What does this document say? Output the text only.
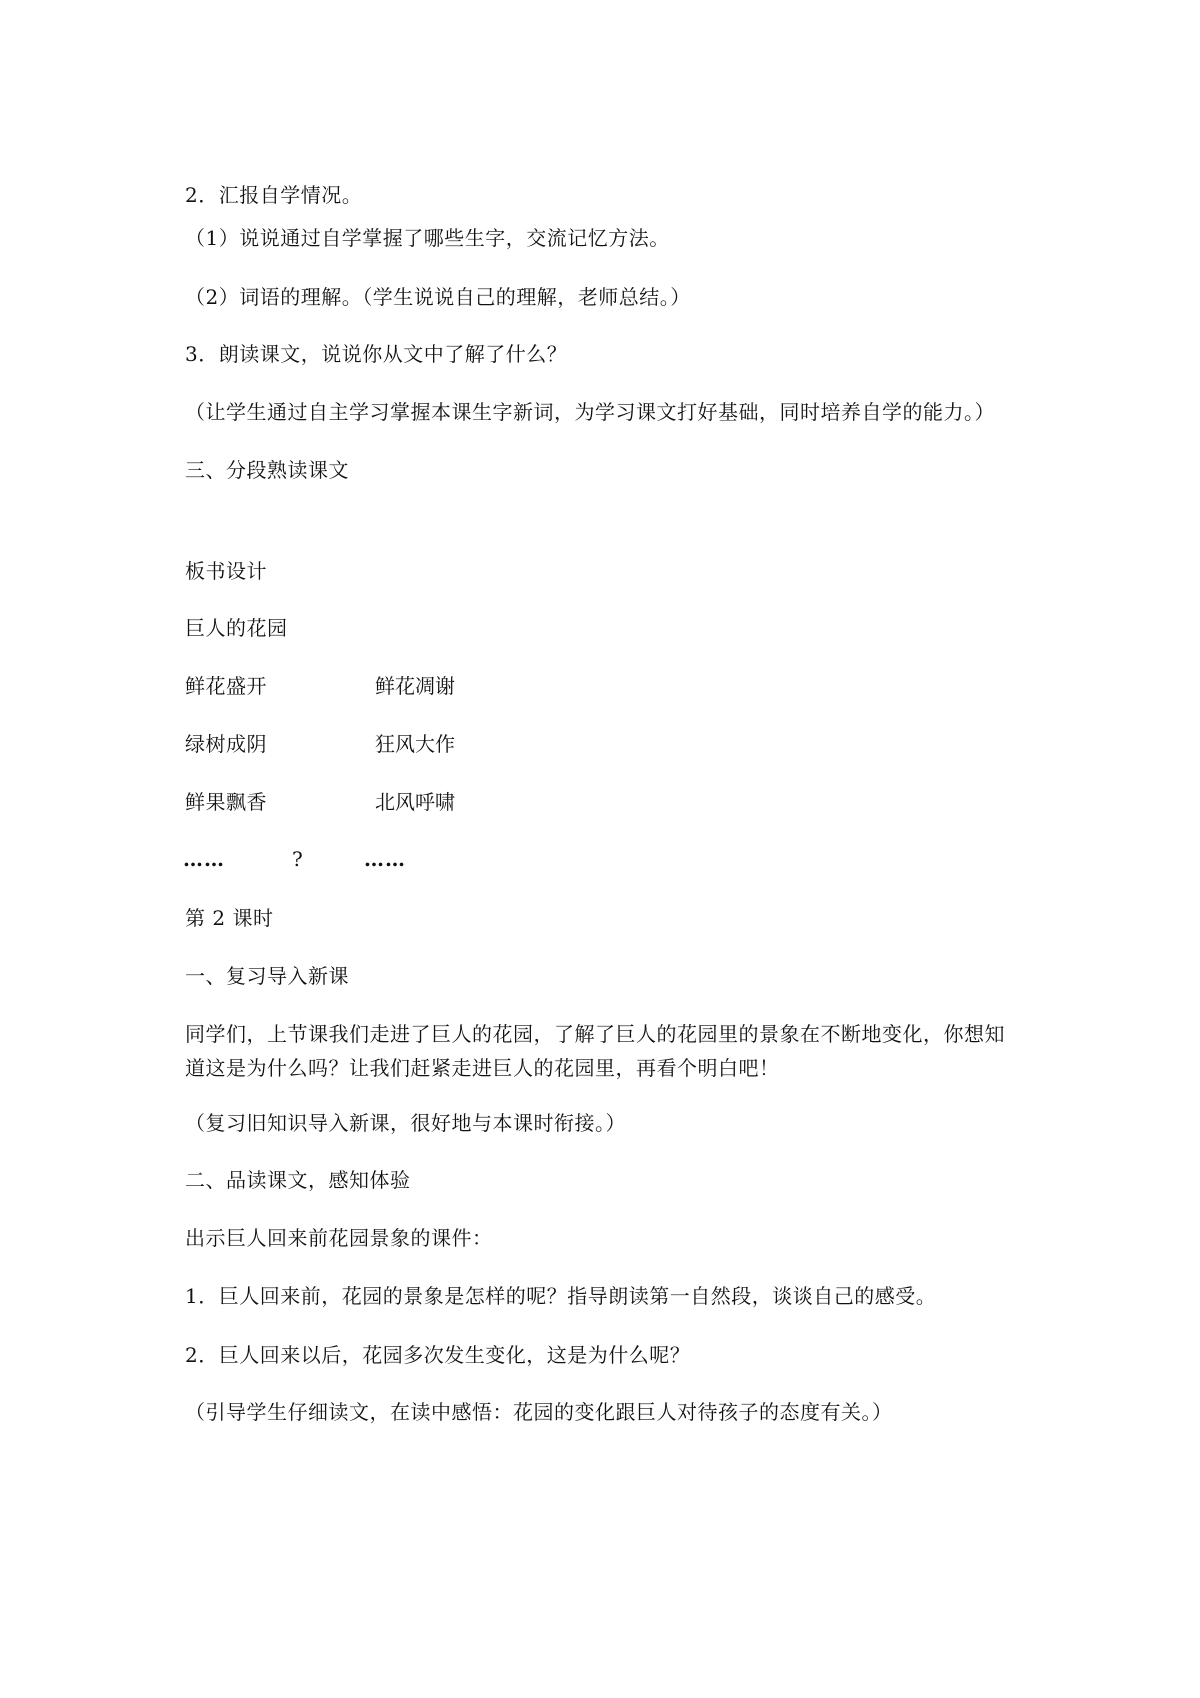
2．汇报自学情况。
（1）说说通过自学掌握了哪些生字，交流记忆方法。
（2）词语的理解。（学生说说自己的理解，老师总结。）
3．朗读课文，说说你从文中了解了什么？
（让学生通过自主学习掌握本课生字新词，为学习课文打好基础，同时培养自学的能力。）
三、分段熟读课文
板书设计
巨人的花园
鲜花盛开	鲜花凋谢
绿树成阴	狂风大作
鲜果飘香	北风呼啸
……	?	……
第 2 课时
一、复习导入新课
同学们，上节课我们走进了巨人的花园，了解了巨人的花园里的景象在不断地变化，你想知道这是为什么吗？让我们赶紧走进巨人的花园里，再看个明白吧！
（复习旧知识导入新课，很好地与本课时衔接。）
二、品读课文，感知体验
出示巨人回来前花园景象的课件：
1．巨人回来前，花园的景象是怎样的呢？指导朗读第一自然段，谈谈自己的感受。
2．巨人回来以后，花园多次发生变化，这是为什么呢？
（引导学生仔细读文，在读中感悟：花园的变化跟巨人对待孩子的态度有关。）
